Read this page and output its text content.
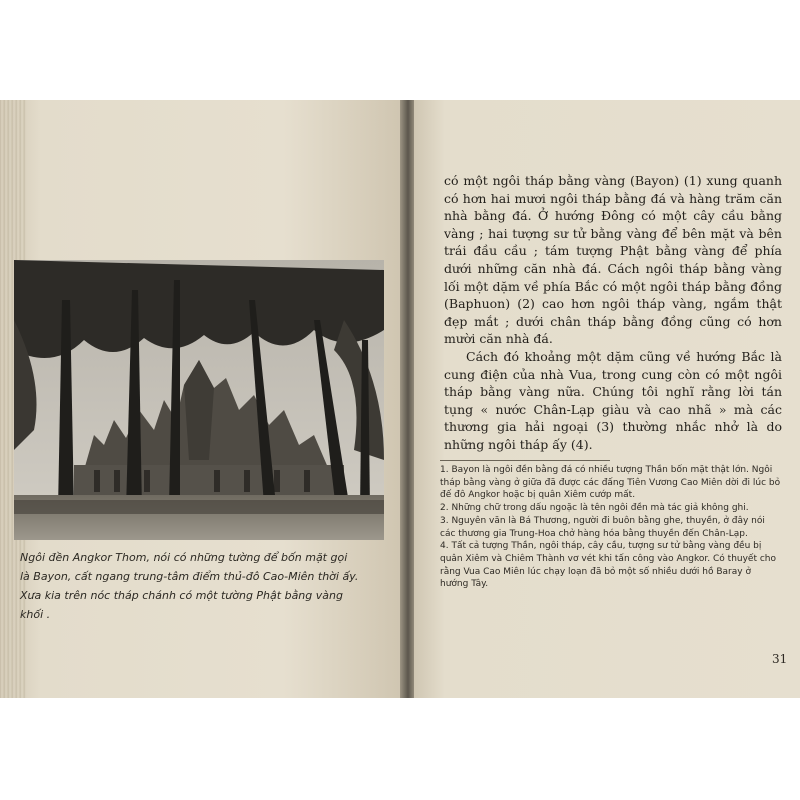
Ngôi đền Angkor Thom, nói có những tường để bốn mặt gọi

là Bayon, cất ngang trung-tâm điểm thủ-đô Cao-Miên thời ấy.

Xưa kia trên nóc tháp chánh có một tường Phật bằng vàng

khối .

có một ngôi tháp bằng vàng (Bayon) (1) xung quanh có hơn hai mươi ngôi tháp bằng đá và hàng trăm căn nhà bằng đá. Ở hướng Đông có một cây cầu bằng vàng ; hai tượng sư tử bằng vàng để bên mặt và bên trái đầu cầu ; tám tượng Phật bằng vàng để phía dưới những căn nhà đá. Cách ngôi tháp bằng vàng lối một dặm về phía Bắc có một ngôi tháp bằng đồng (Baphuon) (2) cao hơn ngôi tháp vàng, ngắm thật đẹp mắt ; dưới chân tháp bằng đồng cũng có hơn mười căn nhà đá.

Cách đó khoảng một dặm cũng về hướng Bắc là cung điện của nhà Vua, trong cung còn có một ngôi tháp bằng vàng nữa. Chúng tôi nghĩ rằng lời tán tụng « nước Chân-Lạp giàu và cao nhã » mà các thương gia hải ngoại (3) thường nhắc nhở là do những ngôi tháp ấy (4).

1. Bayon là ngôi đền bằng đá có nhiều tượng Thần bốn mặt thật lớn. Ngôi tháp bằng vàng ở giữa đã được các đấng Tiên Vương Cao Miên dời đi lúc bỏ đế đô Angkor hoặc bị quân Xiêm cướp mất.

2. Những chữ trong dấu ngoặc là tên ngôi đền mà tác giả không ghi.

3. Nguyên văn là Bá Thương, người đi buôn bằng ghe, thuyền, ở đây nói các thương gia Trung-Hoa chở hàng hóa bằng thuyền đến Chân-Lạp.

4. Tất cả tượng Thần, ngôi tháp, cây cầu, tượng sư tử bằng vàng đều bị quân Xiêm và Chiêm Thành vơ vét khi tấn công vào Angkor. Có thuyết cho rằng Vua Cao Miên lúc chạy loạn đã bỏ một số nhiều dưới hồ Baray ở hướng Tây.

31
